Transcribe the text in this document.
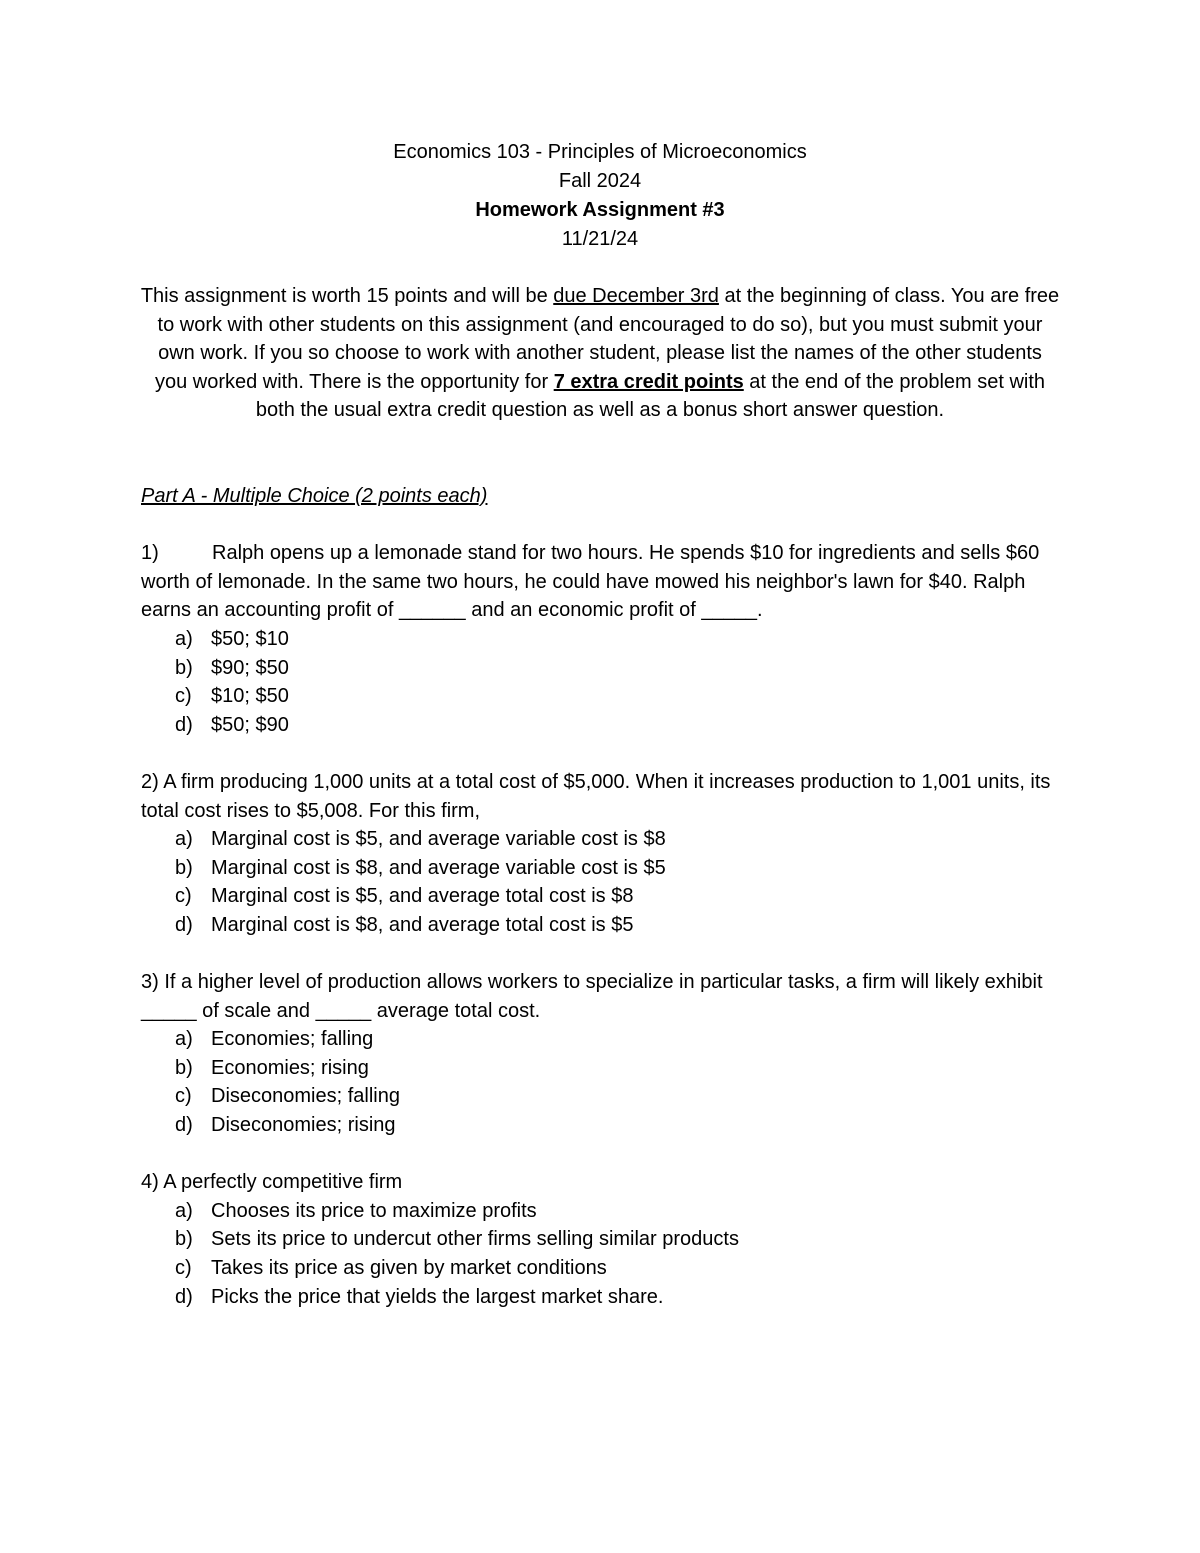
Economics 103 - Principles of Microeconomics
Fall 2024
Homework Assignment #3
11/21/24
This assignment is worth 15 points and will be due December 3rd at the beginning of class. You are free to work with other students on this assignment (and encouraged to do so), but you must submit your own work. If you so choose to work with another student, please list the names of the other students you worked with. There is the opportunity for 7 extra credit points at the end of the problem set with both the usual extra credit question as well as a bonus short answer question.
Part A - Multiple Choice (2 points each)
1)	Ralph opens up a lemonade stand for two hours. He spends $10 for ingredients and sells $60 worth of lemonade. In the same two hours, he could have mowed his neighbor's lawn for $40. Ralph earns an accounting profit of ______ and an economic profit of _____.
a) $50; $10
b) $90; $50
c) $10; $50
d) $50; $90
2) A firm producing 1,000 units at a total cost of $5,000. When it increases production to 1,001 units, its total cost rises to $5,008. For this firm,
a) Marginal cost is $5, and average variable cost is $8
b) Marginal cost is $8, and average variable cost is $5
c) Marginal cost is $5, and average total cost is $8
d) Marginal cost is $8, and average total cost is $5
3) If a higher level of production allows workers to specialize in particular tasks, a firm will likely exhibit _____ of scale and _____ average total cost.
a) Economies; falling
b) Economies; rising
c) Diseconomies; falling
d) Diseconomies; rising
4) A perfectly competitive firm
a) Chooses its price to maximize profits
b) Sets its price to undercut other firms selling similar products
c) Takes its price as given by market conditions
d) Picks the price that yields the largest market share.
